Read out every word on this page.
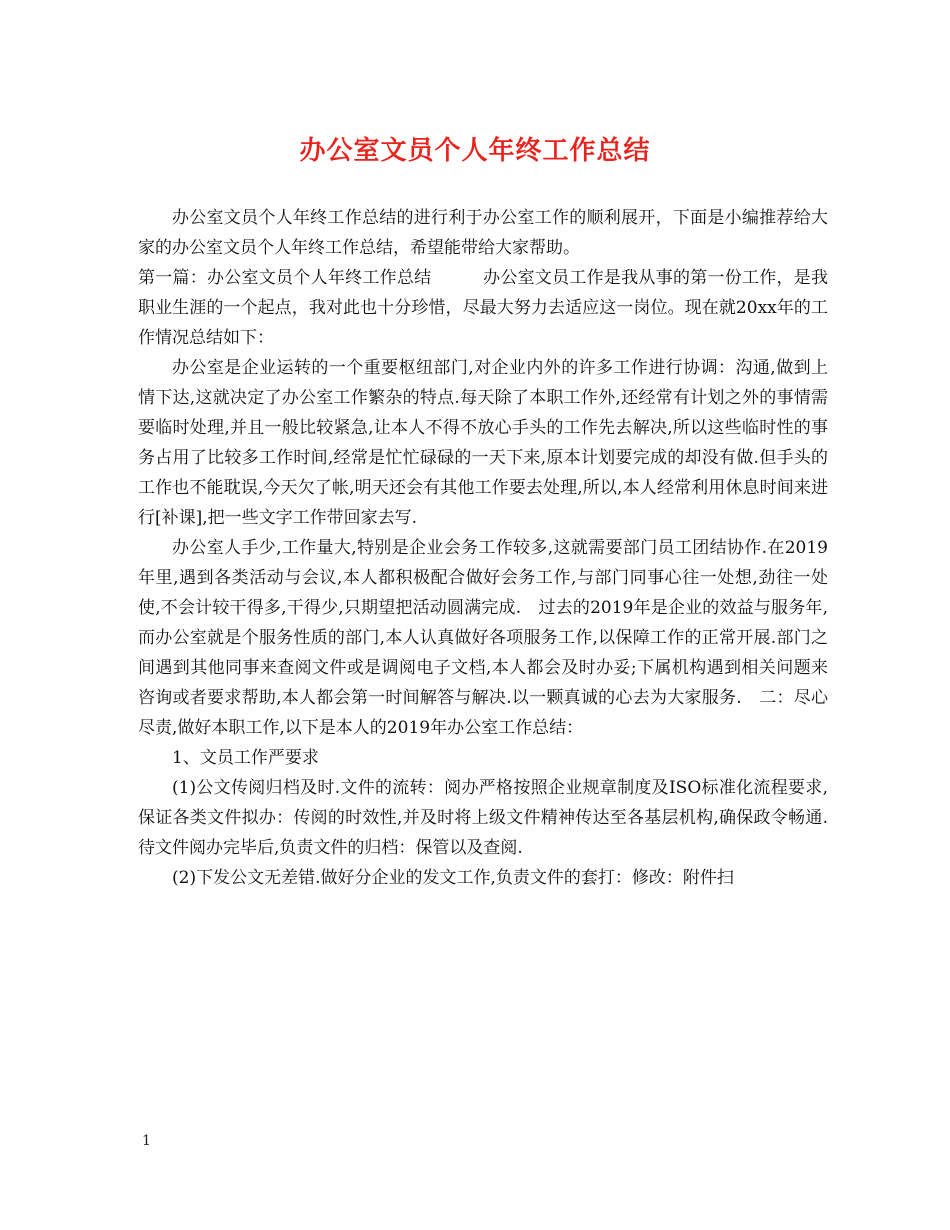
办公室文员个人年终工作总结

办公室文员个人年终工作总结的进行利于办公室工作的顺利展开，下面是小编推荐给大家的办公室文员个人年终工作总结，希望能带给大家帮助。

第一篇：办公室文员个人年终工作总结　　　办公室文员工作是我从事的第一份工作，是我职业生涯的一个起点，我对此也十分珍惜，尽最大努力去适应这一岗位。现在就20xx年的工作情况总结如下：

办公室是企业运转的一个重要枢纽部门,对企业内外的许多工作进行协调：沟通,做到上情下达,这就决定了办公室工作繁杂的特点.每天除了本职工作外,还经常有计划之外的事情需要临时处理,并且一般比较紧急,让本人不得不放心手头的工作先去解决,所以这些临时性的事务占用了比较多工作时间,经常是忙忙碌碌的一天下来,原本计划要完成的却没有做.但手头的工作也不能耽误,今天欠了帐,明天还会有其他工作要去处理,所以,本人经常利用休息时间来进行[补课],把一些文字工作带回家去写.

办公室人手少,工作量大,特别是企业会务工作较多,这就需要部门员工团结协作.在2019年里,遇到各类活动与会议,本人都积极配合做好会务工作,与部门同事心往一处想,劲往一处使,不会计较干得多,干得少,只期望把活动圆满完成.　过去的2019年是企业的效益与服务年,而办公室就是个服务性质的部门,本人认真做好各项服务工作,以保障工作的正常开展.部门之间遇到其他同事来查阅文件或是调阅电子文档,本人都会及时办妥;下属机构遇到相关问题来咨询或者要求帮助,本人都会第一时间解答与解决.以一颗真诚的心去为大家服务.　二：尽心尽责,做好本职工作,以下是本人的2019年办公室工作总结：

1、文员工作严要求

(1)公文传阅归档及时.文件的流转：阅办严格按照企业规章制度及ISO标准化流程要求,保证各类文件拟办：传阅的时效性,并及时将上级文件精神传达至各基层机构,确保政令畅通.待文件阅办完毕后,负责文件的归档：保管以及查阅.

(2)下发公文无差错.做好分企业的发文工作,负责文件的套打：修改：附件扫

1
